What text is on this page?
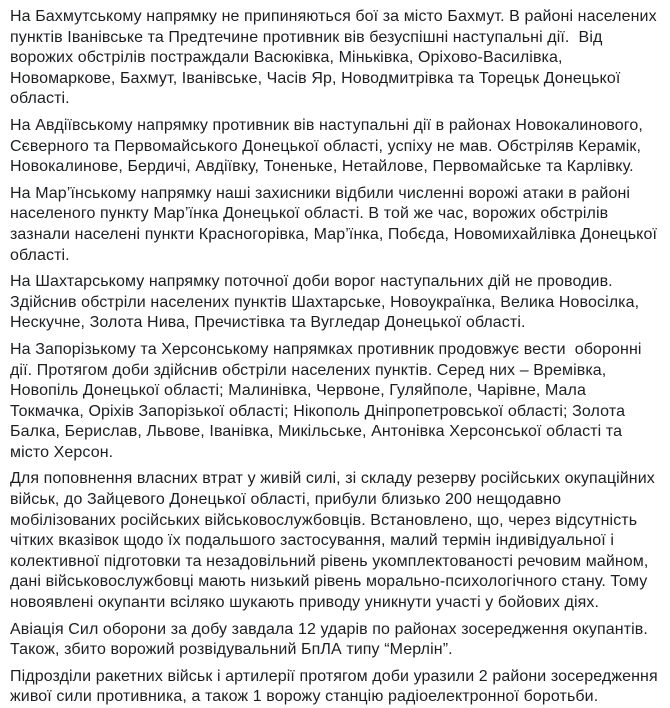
На Бахмутському напрямку не припиняються бої за місто Бахмут. В районі населених пунктів Іванівське та Предтечине противник вів безуспішні наступальні дії.  Від ворожих обстрілів постраждали Васюківка, Міньківка, Оріхово-Василівка, Новомаркове, Бахмут, Іванівське, Часів Яр, Новодмитрівка та Торецьк Донецької області.

На Авдіївському напрямку противник вів наступальні дії в районах Новокалинового, Сєверного та Первомайського Донецької області, успіху не мав. Обстріляв Керамік, Новокалинове, Бердичі, Авдіївку, Тоненьке, Нетайлове, Первомайське та Карлівку.

На Мар’їнському напрямку наші захисники відбили численні ворожі атаки в районі населеного пункту Мар’їнка Донецької області. В той же час, ворожих обстрілів зазнали населені пункти Красногорівка, Мар’їнка, Побєда, Новомихайлівка Донецької області.

На Шахтарському напрямку поточної доби ворог наступальних дій не проводив. Здійснив обстріли населених пунктів Шахтарське, Новоукраїнка, Велика Новосілка, Нескучне, Золота Нива, Пречистівка та Вугледар Донецької області.

На Запорізькому та Херсонському напрямках противник продовжує вести  оборонні дії. Протягом доби здійснив обстріли населених пунктів. Серед них – Времівка, Новопіль Донецької області; Малинівка, Червоне, Гуляйполе, Чарівне, Мала Токмачка, Оріхів Запорізької області; Нікополь Дніпропетровської області; Золота Балка, Берислав, Львове, Іванівка, Микільське, Антонівка Херсонської області та місто Херсон.

Для поповнення власних втрат у живій силі, зі складу резерву російських окупаційних військ, до Зайцевого Донецької області, прибули близько 200 нещодавно мобілізованих російських військовослужбовців. Встановлено, що, через відсутність чітких вказівок щодо їх подальшого застосування, малий термін індивідуальної і колективної підготовки та незадовільний рівень укомплектованості речовим майном, дані військовослужбовці мають низький рівень морально-психологічного стану. Тому новоявлені окупанти всіляко шукають приводу уникнути участі у бойових діях.

Авіація Сил оборони за добу завдала 12 ударів по районах зосередження окупантів. Також, збито ворожий розвідувальний БпЛА типу “Мерлін”.

Підрозділи ракетних військ і артилерії протягом доби уразили 2 райони зосередження живої сили противника, а також 1 ворожу станцію радіоелектронної боротьби.
